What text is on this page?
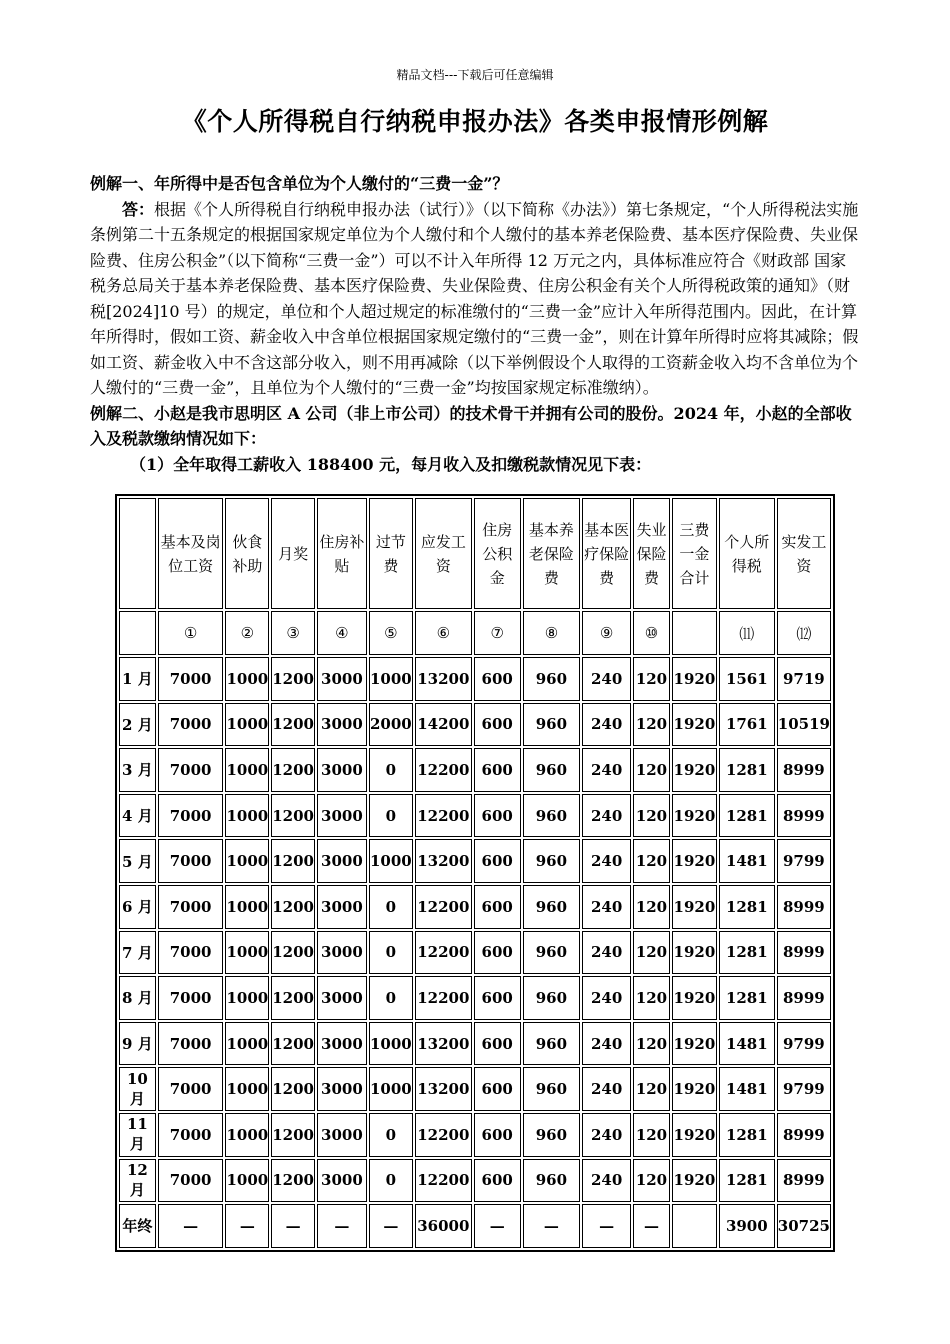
精品文档---下载后可任意编辑
《个人所得税自行纳税申报办法》各类申报情形例解

例解一、年所得中是否包含单位为个人缴付的“三费一金”？

答：根据《个人所得税自行纳税申报办法（试行）》（以下简称《办法》）第七条规定，“个人所得税法实施条例第二十五条规定的根据国家规定单位为个人缴付和个人缴付的基本养老保险费、基本医疗保险费、失业保险费、住房公积金”（以下简称“三费一金”）可以不计入年所得 12 万元之内，具体标准应符合《财政部 国家税务总局关于基本养老保险费、基本医疗保险费、失业保险费、住房公积金有关个人所得税政策的通知》（财税[2024]10 号）的规定，单位和个人超过规定的标准缴付的“三费一金”应计入年所得范围内。因此，在计算年所得时，假如工资、薪金收入中含单位根据国家规定缴付的“三费一金”，则在计算年所得时应将其减除；假如工资、薪金收入中不含这部分收入，则不用再减除（以下举例假设个人取得的工资薪金收入均不含单位为个人缴付的“三费一金”，且单位为个人缴付的“三费一金”均按国家规定标准缴纳）。

例解二、小赵是我市思明区 A 公司（非上市公司）的技术骨干并拥有公司的股份。2024 年，小赵的全部收入及税款缴纳情况如下：

（1）全年取得工薪收入 188400 元，每月收入及扣缴税款情况见下表：

	基本及岗位工资	伙食补助	月奖	住房补贴	过节费	应发工资	住房公积金	基本养老保险费	基本医疗保险费	失业保险费	三费一金合计	个人所得税	实发工资
	①	②	③	④	⑤	⑥	⑦	⑧	⑨	⑩		⑾	⑿
1 月	7000	1000	1200	3000	1000	13200	600	960	240	120	1920	1561	9719
2 月	7000	1000	1200	3000	2000	14200	600	960	240	120	1920	1761	10519
3 月	7000	1000	1200	3000	0	12200	600	960	240	120	1920	1281	8999
4 月	7000	1000	1200	3000	0	12200	600	960	240	120	1920	1281	8999
5 月	7000	1000	1200	3000	1000	13200	600	960	240	120	1920	1481	9799
6 月	7000	1000	1200	3000	0	12200	600	960	240	120	1920	1281	8999
7 月	7000	1000	1200	3000	0	12200	600	960	240	120	1920	1281	8999
8 月	7000	1000	1200	3000	0	12200	600	960	240	120	1920	1281	8999
9 月	7000	1000	1200	3000	1000	13200	600	960	240	120	1920	1481	9799
10 月	7000	1000	1200	3000	1000	13200	600	960	240	120	1920	1481	9799
11 月	7000	1000	1200	3000	0	12200	600	960	240	120	1920	1281	8999
12 月	7000	1000	1200	3000	0	12200	600	960	240	120	1920	1281	8999
年终	—	—	—	—	—	36000	—	—	—	—		3900	30725
